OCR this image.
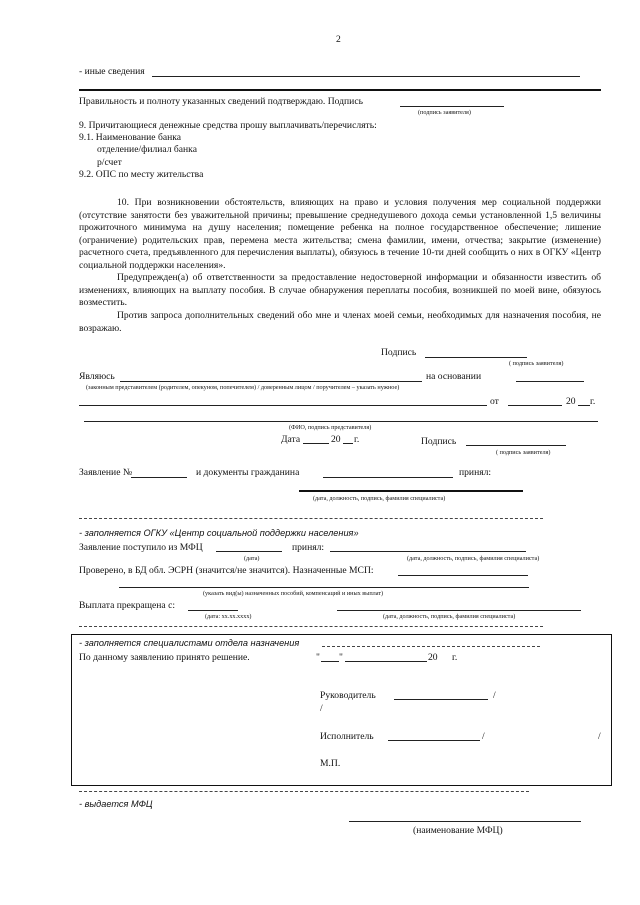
2
- иные сведения
Правильность и полноту указанных сведений подтверждаю. Подпись
(подпись заявителя)
9. Причитающиеся денежные средства прошу выплачивать/перечислять:
9.1. Наименование банка
отделение/филиал банка
р/счет
9.2. ОПС по месту жительства
10. При возникновении обстоятельств, влияющих на право и условия получения мер социальной поддержки (отсутствие занятости без уважительной причины; превышение среднедушевого дохода семьи установленной 1,5 величины прожиточного минимума на душу населения; помещение ребенка на полное государственное обеспечение; лишение (ограничение) родительских прав, перемена места жительства; смена фамилии, имени, отчества; закрытие (изменение) расчетного счета, предъявленного для перечисления выплаты), обязуюсь в течение 10-ти дней сообщить о них в ОГКУ «Центр социальной поддержки населения».
Предупрежден(а) об ответственности за предоставление недостоверной информации и обязанности известить об изменениях, влияющих на выплату пособия. В случае обнаружения переплаты пособия, возникшей по моей вине, обязуюсь возместить.
Против запроса дополнительных сведений обо мне и членах моей семьи, необходимых для назначения пособия, не возражаю.
Подпись
( подпись заявителя)
Являюсь	на основании
(законным представителем (родителем, опекуном, попечителем) / доверенным лицом / поручителем – указать нужное)
от	20 г.
(ФИО, подпись представителя)
Дата	20 г.	Подпись
( подпись заявителя)
Заявление №	и документы гражданина	принял:
(дата, должность, подпись, фамилия специалиста)
- заполняется ОГКУ «Центр социальной поддержки населения»
Заявление поступило из МФЦ	принял:
(дата)	(дата, должность, подпись, фамилия специалиста)
Проверено, в БД обл. ЭСРН (значится/не значится). Назначенные МСП:
(указать вид(ы) назначенных пособий, компенсаций и иных выплат)
Выплата прекращена с:
(дата: хх.хх.хххх)	(дата, должность, подпись, фамилия специалиста)
- заполняется специалистами отдела назначения
По данному заявлению принято решение.	" "	20 г.
Руководитель	/
/
Исполнитель	/	/
М.П.
- выдается МФЦ
(наименование МФЦ)
